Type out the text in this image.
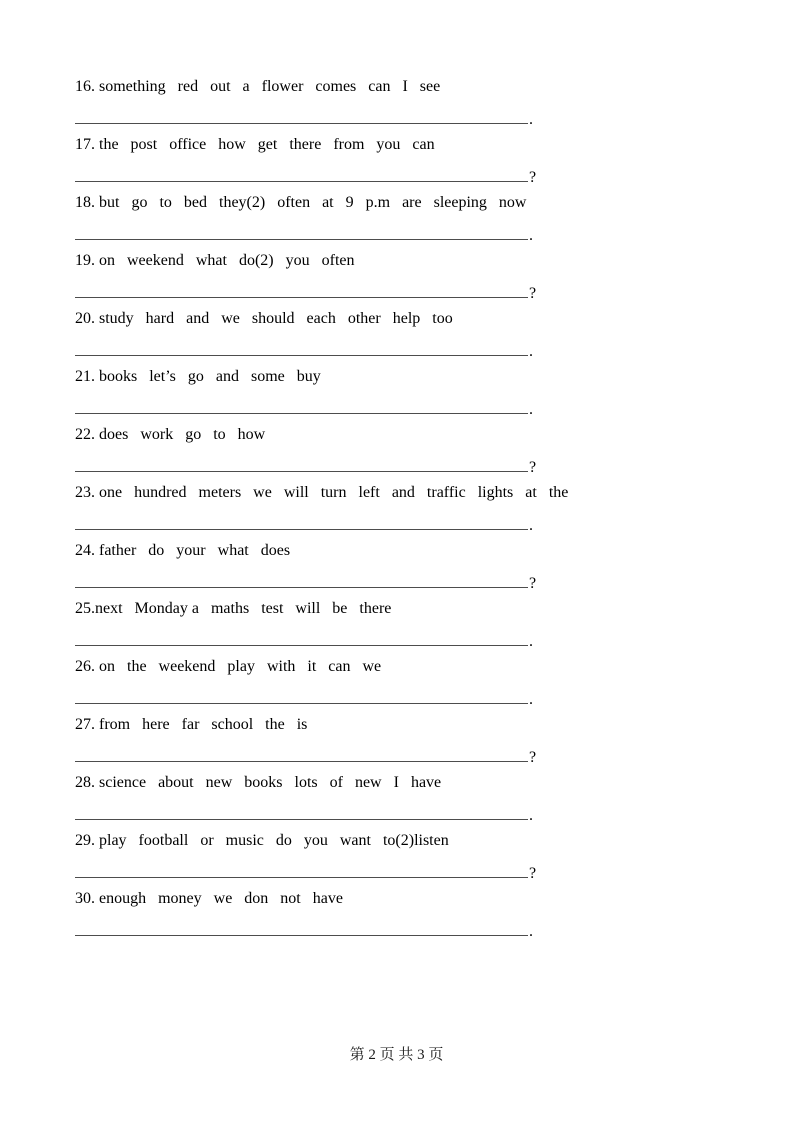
16. something   red   out   a   flower   comes   can   I   see
.
17. the   post   office   how   get   there   from   you   can
?
18. but   go   to   bed   they(2)   often   at   9   p.m   are   sleeping   now
.
19. on   weekend   what   do(2)   you   often
?
20. study   hard   and   we   should   each   other   help   too
.
21. books   let’s   go   and   some   buy
.
22. does   work   go   to   how
?
23. one   hundred   meters   we   will   turn   left   and   traffic   lights   at   the
.
24. father   do   your   what   does
?
25.next   Monday a   maths   test   will   be   there
.
26. on   the   weekend   play   with   it   can   we
.
27. from   here   far   school   the   is
?
28. science   about   new   books   lots   of   new   I   have
.
29. play   football   or   music   do   you   want   to(2)listen
?
30. enough   money   we   don   not   have
.
第 2 页 共 3 页
